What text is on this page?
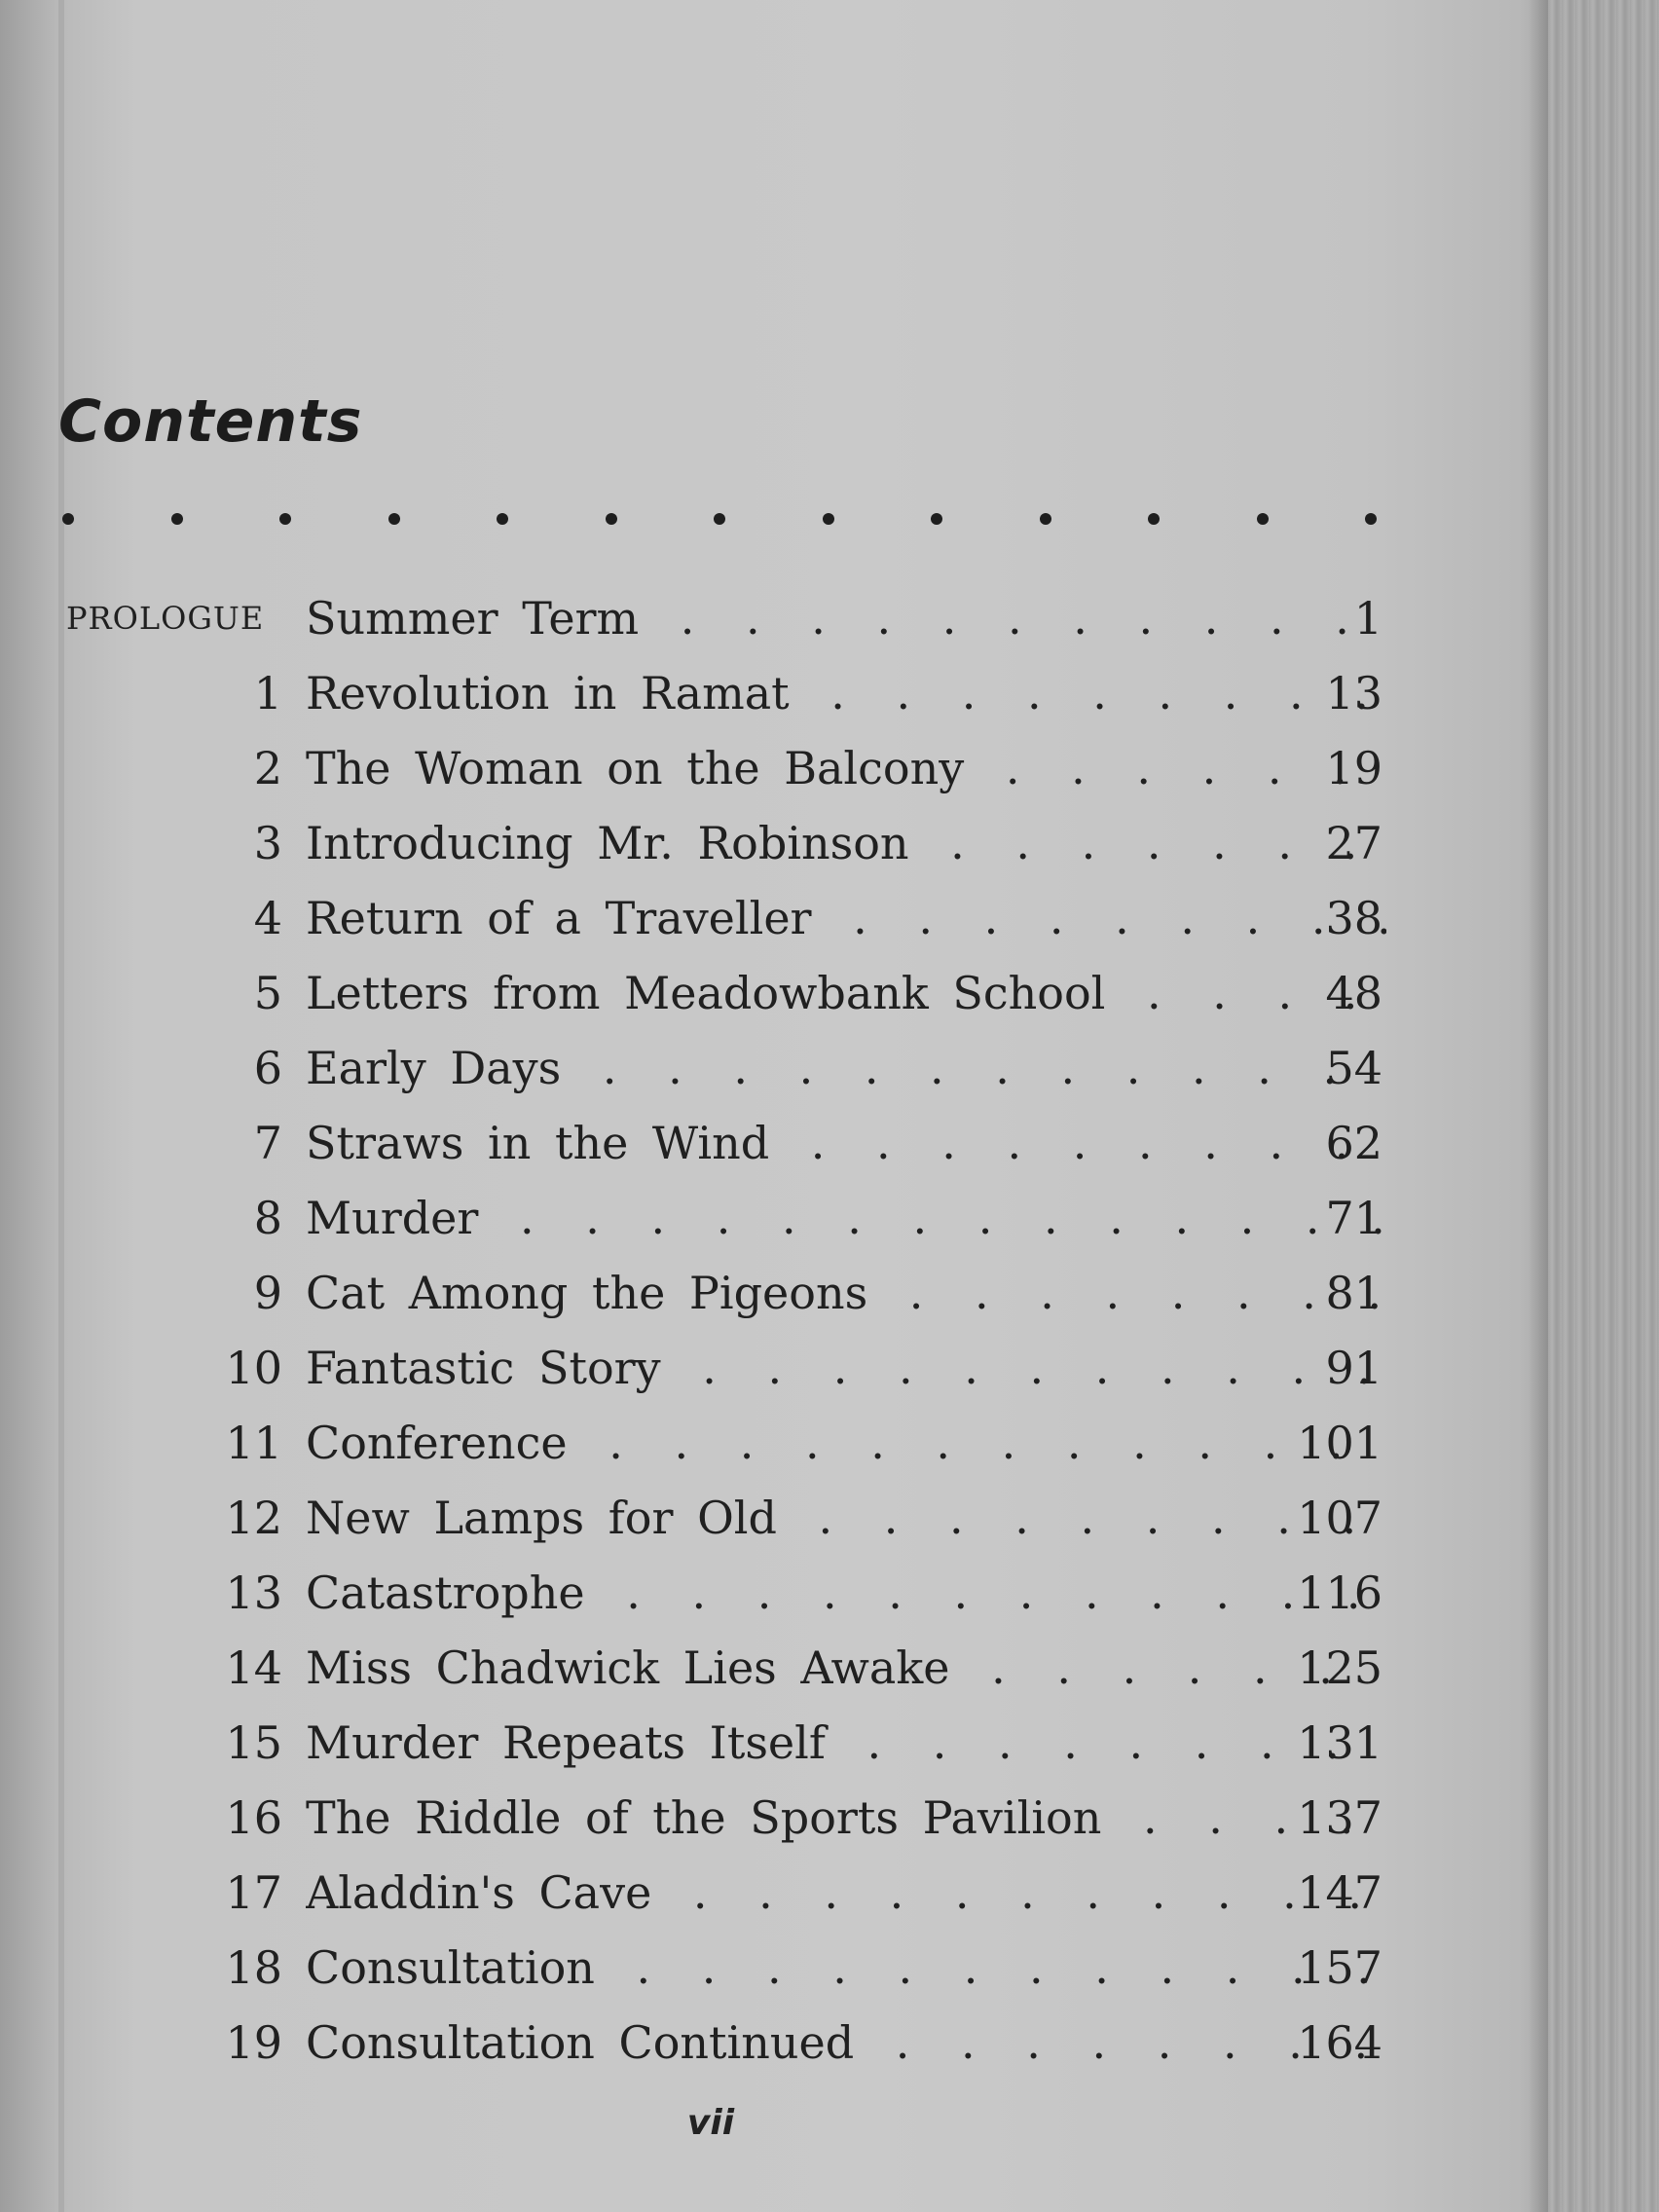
Contents
PROLOGUE Summer Term . .	1
1 Revolution in Ramat . .	13
2 The Woman on the Balcony . .	19
3 Introducing Mr. Robinson . .	27
4 Return of a Traveller . .	38
5 Letters from Meadowbank School . .	48
6 Early Days . .	54
7 Straws in the Wind . .	62
8 Murder . .	71
9 Cat Among the Pigeons . .	81
10 Fantastic Story . .	91
11 Conference . .	101
12 New Lamps for Old . .	107
13 Catastrophe . .	116
14 Miss Chadwick Lies Awake . .	125
15 Murder Repeats Itself . .	131
16 The Riddle of the Sports Pavilion . .	137
17 Aladdin's Cave . .	147
18 Consultation . .	157
19 Consultation Continued . .	164
vii
